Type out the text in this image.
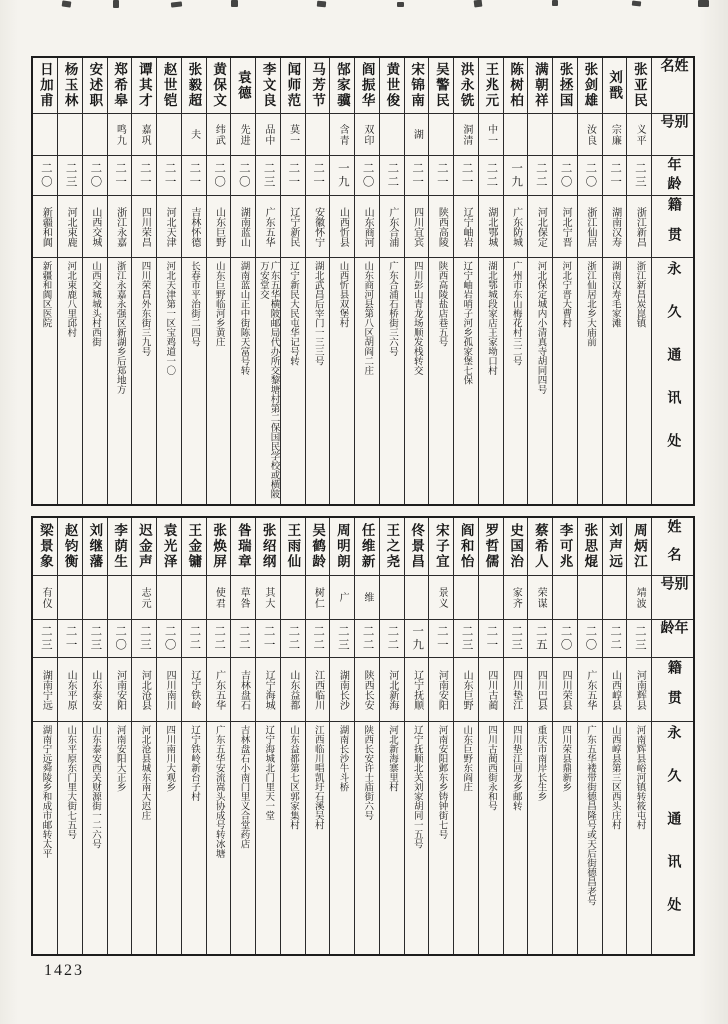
姓名
别号
年龄
籍贯
永久通讯处
张亚民
义平
二三
浙江新昌
浙江新昌炭崑镇
刘戬
宗廉
二一
湖南汉寿
湖南汉寿毛家滩
张剑雄
汝良
二〇
浙江仙居
浙江仙居北乡大庙前
张拯国
二〇
河北宁晋
河北宁晋大曹村
满朝祥
二二
河北保定
河北保定城内小清真寺胡同四号
陈树柏
一九
广东防城
广州市东山梅花村三二号
王兆元
中一
二二
湖北鄂城
湖北鄂城段家店王家坳口村
洪永铣
洞清
二一
辽宁岫岩
辽宁岫岩哨子河乡孤家堡七保
吴警民
二一
陕西高陵
陕西高陵盐店巷五号
宋锦南
湖
二一
四川宜宾
四川彭山青龙场顺发栈转交
黄世俊
二二
广东合浦
广东合浦石桥街三六号
阎振华
双印
二〇
山东商河
山东商河县第八区胡阎二庄
郜家骥
含青
一九
山西忻县
山西忻县双堡村
马芳节
二一
安徽怀宁
湖北武昌后宰门一三三号
闻师范
莫一
二一
辽宁新民
辽宁新民大民屯华记号转
李文良
品中
二三
广东五华
广东五华横陂邮局代办所交黎塘村第二保国民学校或横陂万安堂交
袁德
先进
二〇
湖南蓝山
湖南蓝山正中街陈天富号转
黄保文
纬武
二〇
山东巨野
山东巨野临河乡黄庄
张毅超
夫
二一
吉林怀德
长春市平治街二四号
赵世铠
二一
河北天津
河北天津第一区宝鸡道一〇
谭其才
嘉巩
二一
四川荣昌
四川荣昌外东街三九号
郑希皋
鸣九
二一
浙江永嘉
浙江永嘉永强区新湖乡后郑地方
安述职
二〇
山西交城
山西交城城头村西街
杨玉林
二三
河北束鹿
河北束鹿八里邱村
日加甫
二〇
新疆和阗
新疆和阗区医院
姓名
别号
年龄
籍贯
永久通讯处
周炳江
靖波
二三
河南辉县
河南辉县峪河镇转筱屯村
刘声远
二二
山西崞县
山西崞县第三区西头庄村
张思焜
二〇
广东五华
广东五华褛带街德昌隆号或天后街德昌老号
李可兆
二〇
四川荣县
四川荣县鼎新乡
蔡希人
荣谋
二五
四川巴县
重庆市南岸长生乡
史国治
家齐
二三
四川垫江
四川垫江回龙乡邮转
罗哲儒
二一
四川古蔺
四川古蔺西街永和号
阎和怡
二三
山东巨野
山东巨野东阎庄
宋子宜
景义
二一
河南安阳
河南安阳邺东乡铸钟街七号
佟景昌
一九
辽宁抚顺
辽宁抚顺北关刘家胡同一五号
王之尧
二二
河北新海
河北新海寨里村
任维新
维
二二
陕西长安
陕西长安许士庙街六号
周明朗
广
二三
湖南长沙
湖南长沙牛斗桥
吴鹤龄
树仁
二二
江西临川
江西临川唱凯圩石溪吴村
王雨仙
二二
山东益都
山东益都第七区郭家集村
张绍纲
其大
二一
辽宁海城
辽宁海城北门里天一堂
昝瑞章
草咎
二二
吉林盘石
吉林盘石小南门里义合堂药店
张焕屏
使君
二二
广东五华
广东五华安流嵩头协成号转冰塘
王金镛
二二
辽宁铁岭
辽宁铁岭新台子村
袁光泽
二〇
四川南川
四川南川大观乡
迟金声
志元
二三
河北沧县
河北沧县城东南大迟庄
李荫生
二〇
河南安阳
河南安阳大正乡
刘继藩
二三
山东泰安
山东泰安西关财源街一二六号
赵钧衡
二一
山东平原
山东平原东门里大街七五号
梁景象
有仪
二三
湖南宁远
湖南宁远舜陵乡和成市邮转太平
1423
